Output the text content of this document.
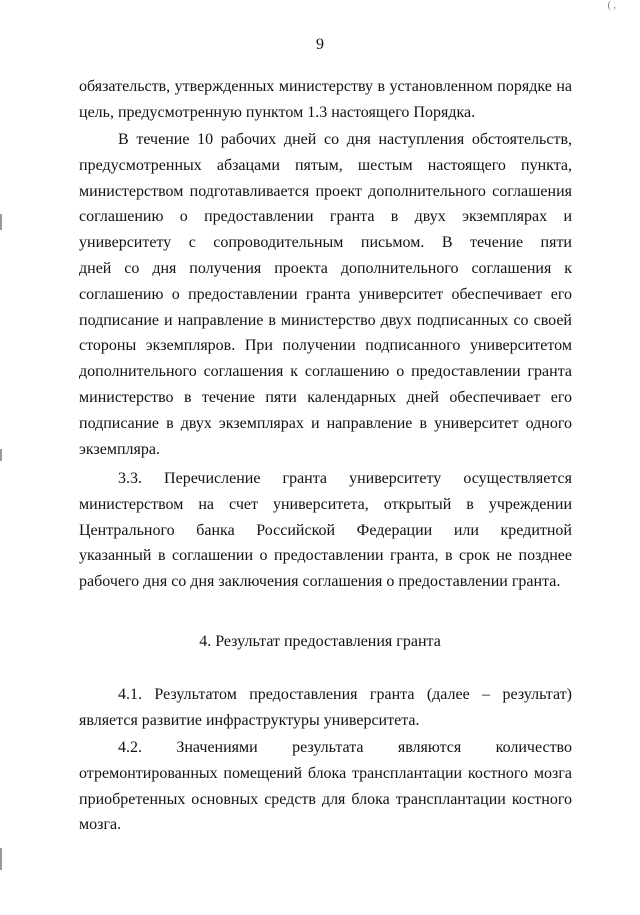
( ,
9
обязательств, утвержденных министерству в установленном порядке на
цель, предусмотренную пунктом 1.3 настоящего Порядка.
В течение 10 рабочих дней со дня наступления обстоятельств,
предусмотренных абзацами пятым, шестым настоящего пункта,
министерством подготавливается проект дополнительного соглашения
соглашению о предоставлении гранта в двух экземплярах и
университету с сопроводительным письмом. В течение пяти
дней со дня получения проекта дополнительного соглашения к
соглашению о предоставлении гранта университет обеспечивает его
подписание и направление в министерство двух подписанных со своей
стороны экземпляров. При получении подписанного университетом
дополнительного соглашения к соглашению о предоставлении гранта
министерство в течение пяти календарных дней обеспечивает его
подписание в двух экземплярах и направление в университет одного
экземпляра.
3.3. Перечисление гранта университету осуществляется
министерством на счет университета, открытый в учреждении
Центрального банка Российской Федерации или кредитной
указанный в соглашении о предоставлении гранта, в срок не позднее
рабочего дня со дня заключения соглашения о предоставлении гранта.
4. Результат предоставления гранта
4.1. Результатом предоставления гранта (далее – результат)
является развитие инфраструктуры университета.
4.2. Значениями результата являются количество
отремонтированных помещений блока трансплантации костного мозга
приобретенных основных средств для блока трансплантации костного
мозга.
